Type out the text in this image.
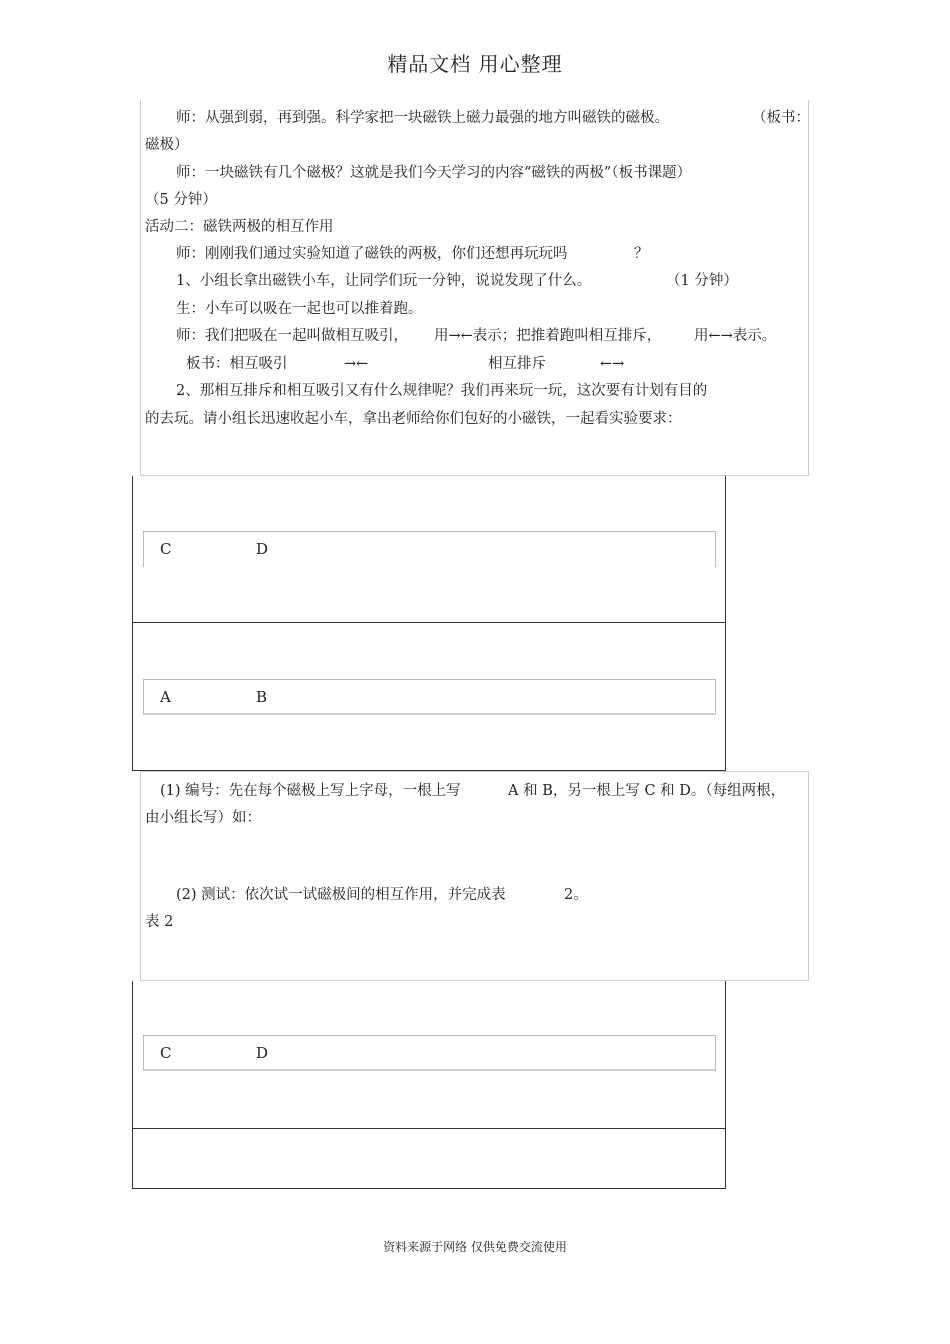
精品文档 用心整理
师：从强到弱，再到强。科学家把一块磁铁上磁力最强的地方叫磁铁的磁极。	（板书：
磁极）
师：一块磁铁有几个磁极？这就是我们今天学习的内容“磁铁的两极”（板书课题）
（5 分钟）
活动二：磁铁两极的相互作用
师：刚刚我们通过实验知道了磁铁的两极，你们还想再玩玩吗	？
1、小组长拿出磁铁小车，让同学们玩一分钟，说说发现了什么。	（1 分钟）
生：小车可以吸在一起也可以推着跑。
师：我们把吸在一起叫做相互吸引， 用→←表示；把推着跑叫相互排斥， 用←→表示。
板书：相互吸引	→←	相互排斥	←→
2、那相互排斥和相互吸引又有什么规律呢？我们再来玩一玩，这次要有计划有目的
的去玩。请小组长迅速收起小车，拿出老师给你们包好的小磁铁，一起看实验要求：
C	D
A	B
(1) 编号：先在每个磁极上写上字母，一根上写	A 和 B，另一根上写 C 和 D。（每组两根，
由小组长写）如：
(2) 测试：依次试一试磁极间的相互作用，并完成表	2。
表 2
C	D
资料来源于网络 仅供免费交流使用
